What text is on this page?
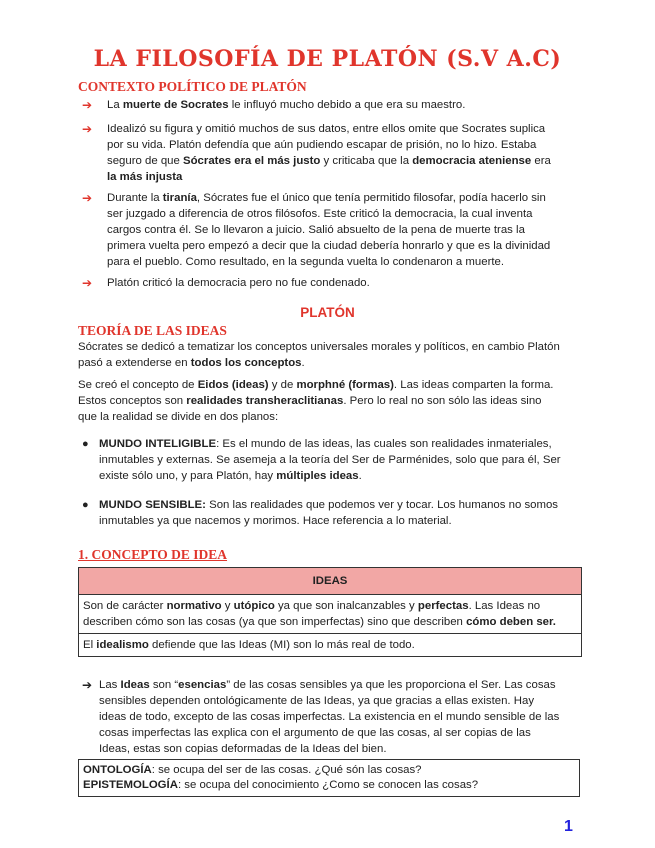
LA FILOSOFÍA DE PLATÓN (S.V A.C)
CONTEXTO POLÍTICO DE PLATÓN
➔ La muerte de Socrates le influyó mucho debido a que era su maestro.
➔ Idealizó su figura y omitió muchos de sus datos, entre ellos omite que Socrates suplica
por su vida. Platón defendía que aún pudiendo escapar de prisión, no lo hizo. Estaba
seguro de que Sócrates era el más justo y criticaba que la democracia ateniense era
la más injusta
➔ Durante la tiranía, Sócrates fue el único que tenía permitido filosofar, podía hacerlo sin
ser juzgado a diferencia de otros filósofos. Este criticó la democracia, la cual inventa
cargos contra él. Se lo llevaron a juicio. Salió absuelto de la pena de muerte tras la
primera vuelta pero empezó a decir que la ciudad debería honrarlo y que es la divinidad
para el pueblo. Como resultado, en la segunda vuelta lo condenaron a muerte.
➔ Platón criticó la democracia pero no fue condenado.
PLATÓN
TEORÍA DE LAS IDEAS
Sócrates se dedicó a tematizar los conceptos universales morales y políticos, en cambio Platón
pasó a extenderse en todos los conceptos.
Se creó el concepto de Eidos (ideas) y de morphné (formas). Las ideas comparten la forma.
Estos conceptos son realidades transheraclitianas. Pero lo real no son sólo las ideas sino
que la realidad se divide en dos planos:
● MUNDO INTELIGIBLE: Es el mundo de las ideas, las cuales son realidades inmateriales,
inmutables y externas. Se asemeja a la teoría del Ser de Parménides, solo que para él, Ser
existe sólo uno, y para Platón, hay múltiples ideas.
● MUNDO SENSIBLE: Son las realidades que podemos ver y tocar. Los humanos no somos
inmutables ya que nacemos y morimos. Hace referencia a lo material.
1. CONCEPTO DE IDEA
IDEAS
Son de carácter normativo y utópico ya que son inalcanzables y perfectas. Las Ideas no
describen cómo son las cosas (ya que son imperfectas) sino que describen cómo deben ser.
El idealismo defiende que las Ideas (MI) son lo más real de todo.
➔ Las Ideas son “esencias” de las cosas sensibles ya que les proporciona el Ser. Las cosas
sensibles dependen ontológicamente de las Ideas, ya que gracias a ellas existen. Hay
ideas de todo, excepto de las cosas imperfectas. La existencia en el mundo sensible de las
cosas imperfectas las explica con el argumento de que las cosas, al ser copias de las
Ideas, estas son copias deformadas de la Ideas del bien.
ONTOLOGÍA: se ocupa del ser de las cosas. ¿Qué són las cosas?
EPISTEMOLOGÍA: se ocupa del conocimiento ¿Como se conocen las cosas?
1
